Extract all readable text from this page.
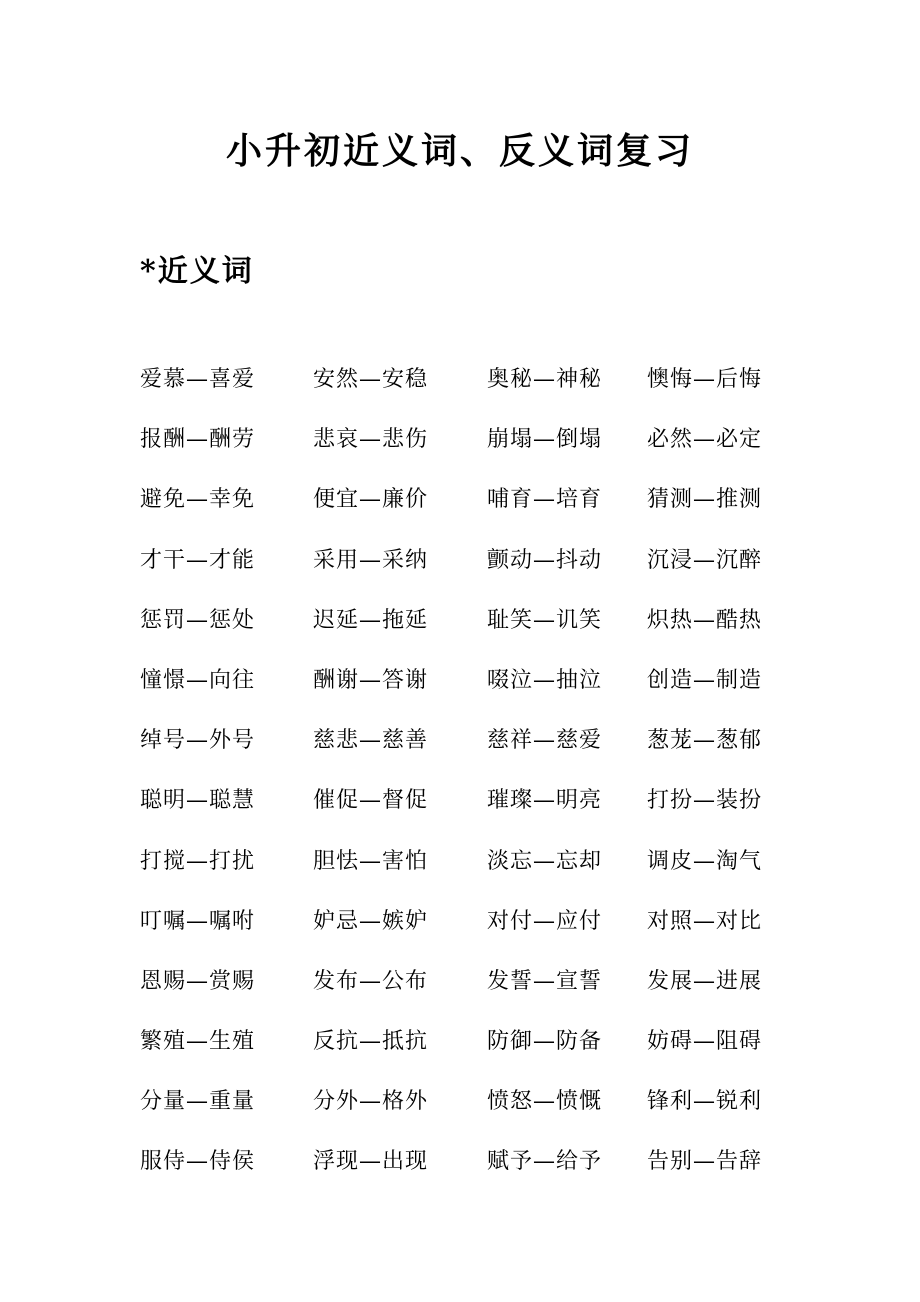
小升初近义词、反义词复习
*近义词
爱慕—喜爱	安然—安稳	奥秘—神秘 懊悔—后悔
报酬—酬劳	悲哀—悲伤	崩塌—倒塌 必然—必定
避免—幸免	便宜—廉价	哺育—培育 猜测—推测
才干—才能	采用—采纳	颤动—抖动 沉浸—沉醉
惩罚—惩处	迟延—拖延	耻笑—讥笑 炽热—酷热
憧憬—向往	酬谢—答谢	啜泣—抽泣 创造—制造
绰号—外号	慈悲—慈善	慈祥—慈爱 葱茏—葱郁
聪明—聪慧	催促—督促	璀璨—明亮 打扮—装扮
打搅—打扰	胆怯—害怕	淡忘—忘却 调皮—淘气
叮嘱—嘱咐	妒忌—嫉妒	对付—应付 对照—对比
恩赐—赏赐	发布—公布	发誓—宣誓 发展—进展
繁殖—生殖	反抗—抵抗	防御—防备 妨碍—阻碍
分量—重量	分外—格外	愤怒—愤慨 锋利—锐利
服侍—侍侯	浮现—出现	赋予—给予 告别—告辞
